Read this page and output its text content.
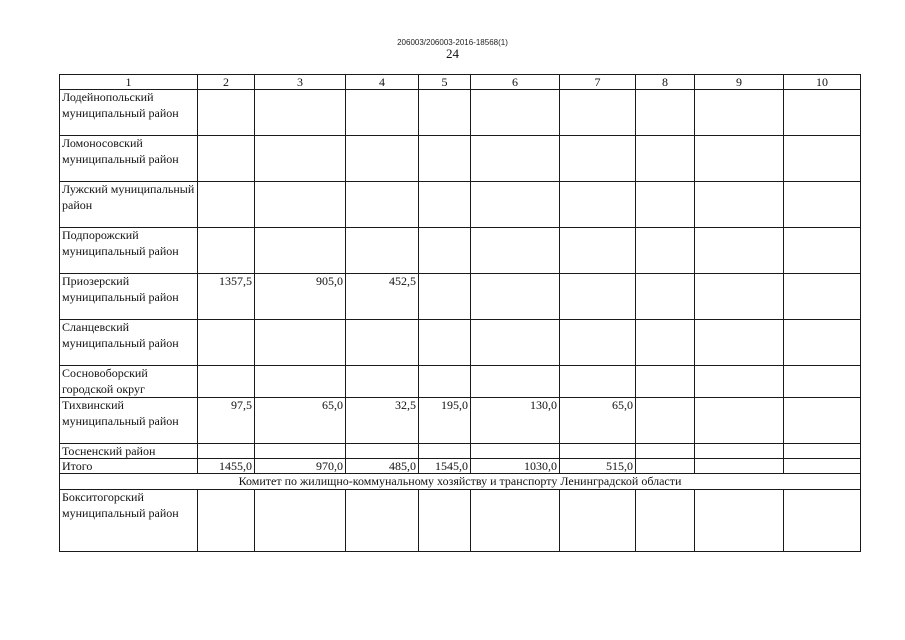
206003/206003-2016-18568(1)
24
1	2	3	4	5	6	7	8	9	10
Лодейнопольский муниципальный район									
Ломоносовский муниципальный район									
Лужский муниципальный район									
Подпорожский муниципальный район									
Приозерский муниципальный район	1357,5	905,0	452,5						
Сланцевский муниципальный район									
Сосновоборский городской округ									
Тихвинский муниципальный район	97,5	65,0	32,5	195,0	130,0	65,0			
Тосненский район									
Итого	1455,0	970,0	485,0	1545,0	1030,0	515,0			
Комитет по жилищно-коммунальному хозяйству и транспорту Ленинградской области									
Бокситогорский муниципальный район									
